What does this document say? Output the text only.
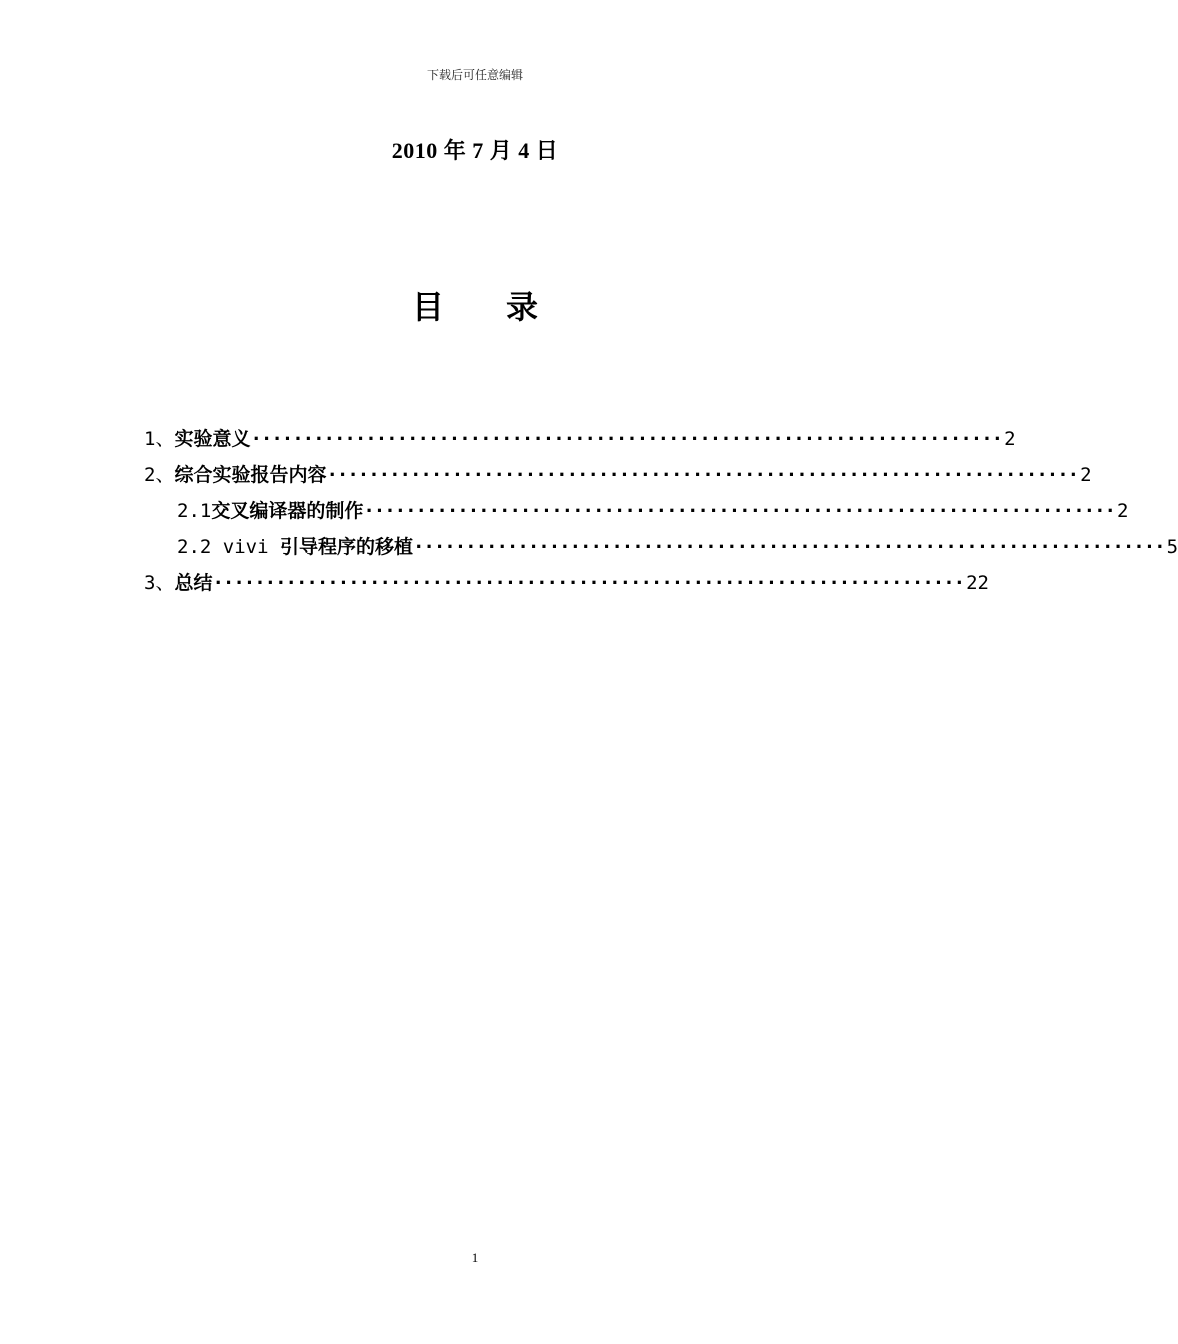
下载后可任意编辑
2010 年 7 月 4 日
目 录
1、实验意义 ········································································ 2
2、综合实验报告内容 ········································································ 2
2.1交叉编译器的制作 ········································································ 2
2.2 vivi 引导程序的移植 ········································································ 5
3、总结 ········································································ 22
1
